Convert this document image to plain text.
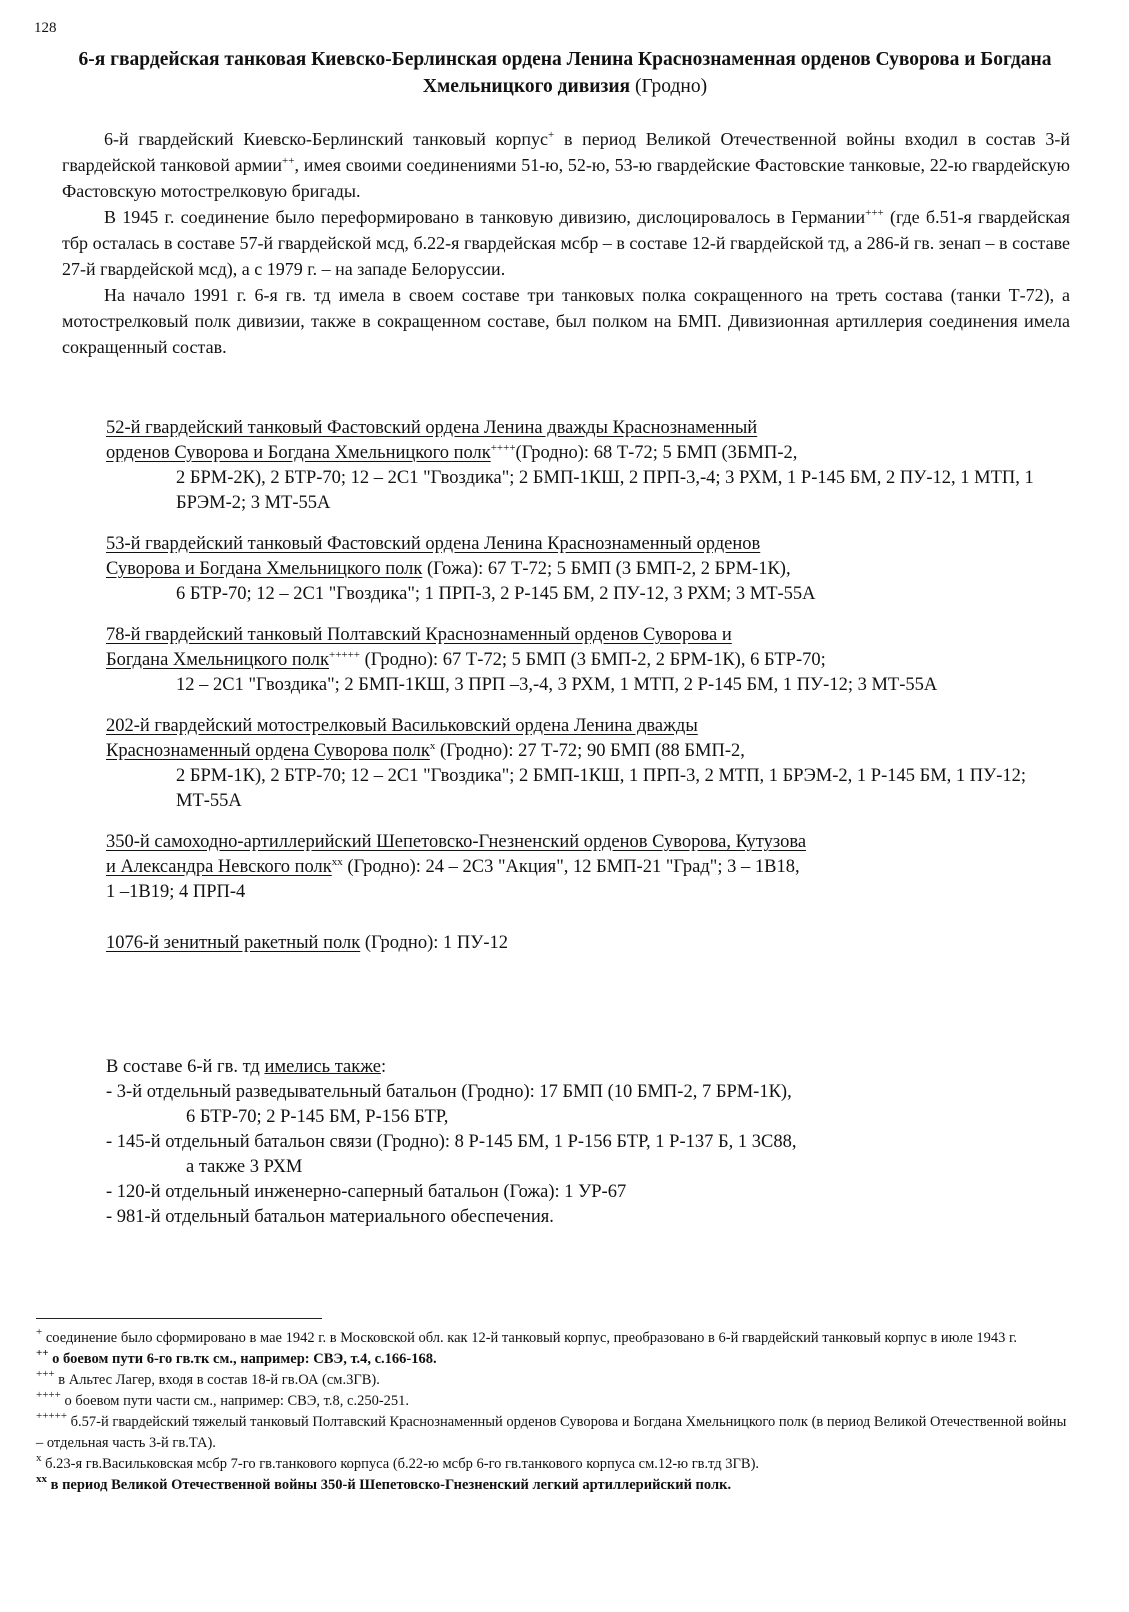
128
6-я гвардейская танковая Киевско-Берлинская ордена Ленина Краснознаменная орденов Суворова и Богдана Хмельницкого дивизия (Гродно)

6-й гвардейский Киевско-Берлинский танковый корпус+ в период Великой Отечественной войны входил в состав 3-й гвардейской танковой армии++, имея своими соединениями 51-ю, 52-ю, 53-ю гвардейские Фастовские танковые, 22-ю гвардейскую Фастовскую мотострелковую бригады.

В 1945 г. соединение было переформировано в танковую дивизию, дислоцировалось в Германии+++ (где б.51-я гвардейская тбр осталась в составе 57-й гвардейской мсд, б.22-я гвардейская мсбр – в составе 12-й гвардейской тд, а 286-й гв. зенап – в составе 27-й гвардейской мсд), а с 1979 г. – на западе Белоруссии.

На начало 1991 г. 6-я гв. тд имела в своем составе три танковых полка сокращенного на треть состава (танки Т-72), а мотострелковый полк дивизии, также в сокращенном составе, был полком на БМП. Дивизионная артиллерия соединения имела сокращенный состав.

52-й гвардейский танковый Фастовский ордена Ленина дважды Краснознаменный
орденов Суворова и Богдана Хмельницкого полк++++(Гродно): 68 Т-72; 5 БМП (3БМП-2,
2 БРМ-2К), 2 БТР-70; 12 – 2С1 "Гвоздика"; 2 БМП-1КШ, 2 ПРП-3,-4; 3 РХМ, 1 Р-145 БМ, 2 ПУ-12, 1 МТП, 1 БРЭМ-2; 3 МТ-55А
53-й гвардейский танковый Фастовский ордена Ленина Краснознаменный орденов
Суворова и Богдана Хмельницкого полк (Гожа): 67 Т-72; 5 БМП (3 БМП-2, 2 БРМ-1К),
6 БТР-70; 12 – 2С1 "Гвоздика"; 1 ПРП-3, 2 Р-145 БМ, 2 ПУ-12, 3 РХМ; 3 МТ-55А
78-й гвардейский танковый Полтавский Краснознаменный орденов Суворова и
Богдана Хмельницкого полк+++++ (Гродно): 67 Т-72; 5 БМП (3 БМП-2, 2 БРМ-1К), 6 БТР-70;
12 – 2С1 "Гвоздика"; 2 БМП-1КШ, 3 ПРП –3,-4, 3 РХМ, 1 МТП, 2 Р-145 БМ, 1 ПУ-12; 3 МТ-55А
202-й гвардейский мотострелковый Васильковский ордена Ленина дважды
Краснознаменный ордена Суворова полк$^x$ (Гродно): 27 Т-72; 90 БМП (88 БМП-2,
2 БРМ-1К), 2 БТР-70; 12 – 2С1 "Гвоздика"; 2 БМП-1КШ, 1 ПРП-3, 2 МТП, 1 БРЭМ-2, 1 Р-145 БМ, 1 ПУ-12; МТ-55А
350-й самоходно-артиллерийский Шепетовско-Гнезненский орденов Суворова, Кутузова
и Александра Невского полк$^{xx}$ (Гродно): 24 – 2С3 "Акция", 12 БМП-21 "Град"; 3 – 1В18,
1 –1В19; 4 ПРП-4
1076-й зенитный ракетный полк (Гродно): 1 ПУ-12
В составе 6-й гв. тд имелись также:
- 3-й отдельный разведывательный батальон (Гродно): 17 БМП (10 БМП-2, 7 БРМ-1К),
6 БТР-70; 2 Р-145 БМ, Р-156 БТР,
- 145-й отдельный батальон связи (Гродно): 8 Р-145 БМ, 1 Р-156 БТР, 1 Р-137 Б, 1 3С88,
а также 3 РХМ
- 120-й отдельный инженерно-саперный батальон (Гожа): 1 УР-67
- 981-й отдельный батальон материального обеспечения.

+ соединение было сформировано в мае 1942 г. в Московской обл. как 12-й танковый корпус, преобразовано в 6-й гвардейский танковый корпус в июле 1943 г.

++ о боевом пути 6-го гв.тк см., например: СВЭ, т.4, с.166-168.

+++ в Альтес Лагер, входя в состав 18-й гв.ОА (см.3ГВ).

++++ о боевом пути части см., например: СВЭ, т.8, с.250-251.

+++++ б.57-й гвардейский тяжелый танковый Полтавский Краснознаменный орденов Суворова и Богдана Хмельницкого полк (в период Великой Отечественной войны – отдельная часть 3-й гв.ТА).

$^x$ б.23-я гв.Васильковская мсбр 7-го гв.танкового корпуса (б.22-ю мсбр 6-го гв.танкового корпуса см.12-ю гв.тд 3ГВ).

$^{xx}$ в период Великой Отечественной войны 350-й Шепетовско-Гнезненский легкий артиллерийский полк.
